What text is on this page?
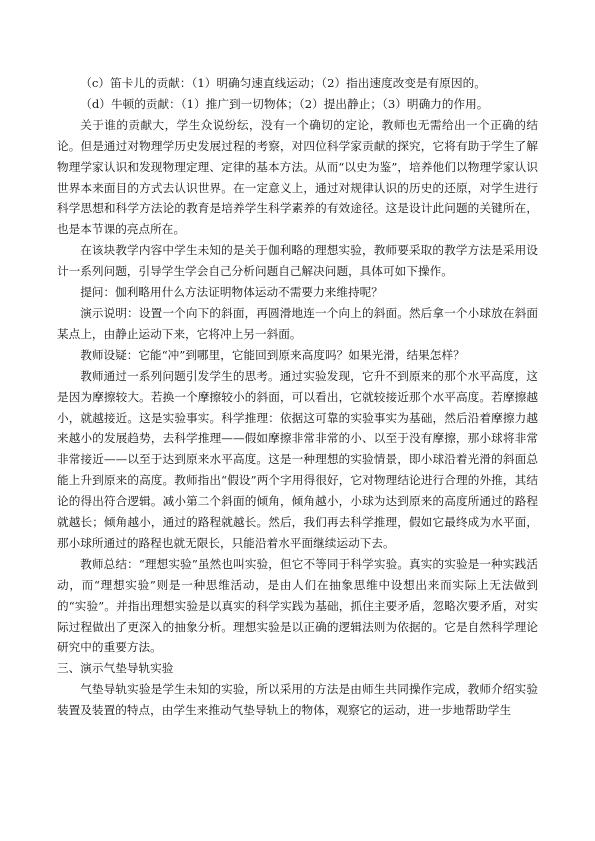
（c）笛卡儿的贡献：（1）明确匀速直线运动；（2）指出速度改变是有原因的。

（d）牛顿的贡献：（1）推广到一切物体；（2）提出静止；（3）明确力的作用。

关于谁的贡献大，学生众说纷纭，没有一个确切的定论，教师也无需给出一个正确的结论。但是通过对物理学历史发展过程的考察，对四位科学家贡献的探究，它将有助于学生了解物理学家认识和发现物理定理、定律的基本方法。从而“以史为鉴”，培养他们以物理学家认识世界本来面目的方式去认识世界。在一定意义上，通过对规律认识的历史的还原，对学生进行科学思想和科学方法论的教育是培养学生科学素养的有效途径。这是设计此问题的关键所在，也是本节课的亮点所在。

在该块教学内容中学生未知的是关于伽利略的理想实验，教师要采取的教学方法是采用设计一系列问题，引导学生学会自己分析问题自己解决问题，具体可如下操作。

提问：伽利略用什么方法证明物体运动不需要力来维持呢？

演示说明：设置一个向下的斜面，再圆滑地连一个向上的斜面。然后拿一个小球放在斜面某点上，由静止运动下来，它将冲上另一斜面。

教师设疑：它能“冲”到哪里，它能回到原来高度吗？如果光滑，结果怎样？

教师通过一系列问题引发学生的思考。通过实验发现，它升不到原来的那个水平高度，这是因为摩擦较大。若换一个摩擦较小的斜面，可以看出，它就较接近那个水平高度。若摩擦越小，就越接近。这是实验事实。科学推理：依据这可靠的实验事实为基础，然后沿着摩擦力越来越小的发展趋势，去科学推理——假如摩擦非常非常的小、以至于没有摩擦，那小球将非常非常接近——以至于达到原来水平高度。这是一种理想的实验情景，即小球沿着光滑的斜面总能上升到原来的高度。教师指出“假设”两个字用得很好，它对物理结论进行合理的外推，其结论的得出符合逻辑。减小第二个斜面的倾角，倾角越小，小球为达到原来的高度所通过的路程就越长；倾角越小，通过的路程就越长。然后，我们再去科学推理，假如它最终成为水平面，那小球所通过的路程也就无限长，只能沿着水平面继续运动下去。

教师总结：“理想实验”虽然也叫实验，但它不等同于科学实验。真实的实验是一种实践活动，而“理想实验”则是一种思维活动，是由人们在抽象思维中设想出来而实际上无法做到的“实验”。并指出理想实验是以真实的科学实践为基础，抓住主要矛盾，忽略次要矛盾，对实际过程做出了更深入的抽象分析。理想实验是以正确的逻辑法则为依据的。它是自然科学理论研究中的重要方法。

三、演示气垫导轨实验

气垫导轨实验是学生未知的实验，所以采用的方法是由师生共同操作完成，教师介绍实验装置及装置的特点，由学生来推动气垫导轨上的物体，观察它的运动，进一步地帮助学生
